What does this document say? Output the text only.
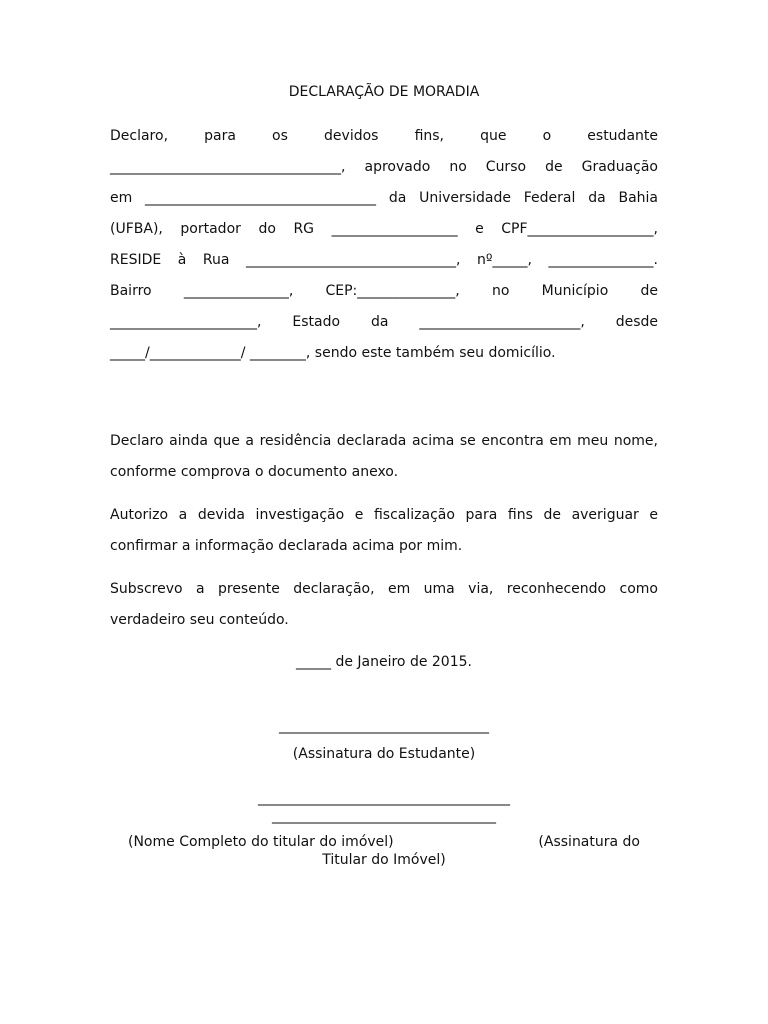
DECLARAÇÃO DE MORADIA
Declaro, para os devidos fins, que o estudante
_________________________________, aprovado no Curso de Graduação
em _________________________________ da Universidade Federal da Bahia
(UFBA), portador do RG __________________ e CPF__________________,
RESIDE à Rua ______________________________, nº_____, _______________.
Bairro _______________, CEP:______________, no Município de
_____________________, Estado da _______________________, desde
_____/_____________/ ________, sendo este também seu domicílio.
Declaro ainda que a residência declarada acima se encontra em meu nome,
conforme comprova o documento anexo.
Autorizo a devida investigação e fiscalização para fins de averiguar e
confirmar a informação declarada acima por mim.
Subscrevo a presente declaração, em uma via, reconhecendo como
verdadeiro seu conteúdo.
_____ de Janeiro de 2015.
______________________________
(Assinatura do Estudante)
____________________________________
________________________________
(Nome Completo do titular do imóvel)	(Assinatura do
Titular do Imóvel)
